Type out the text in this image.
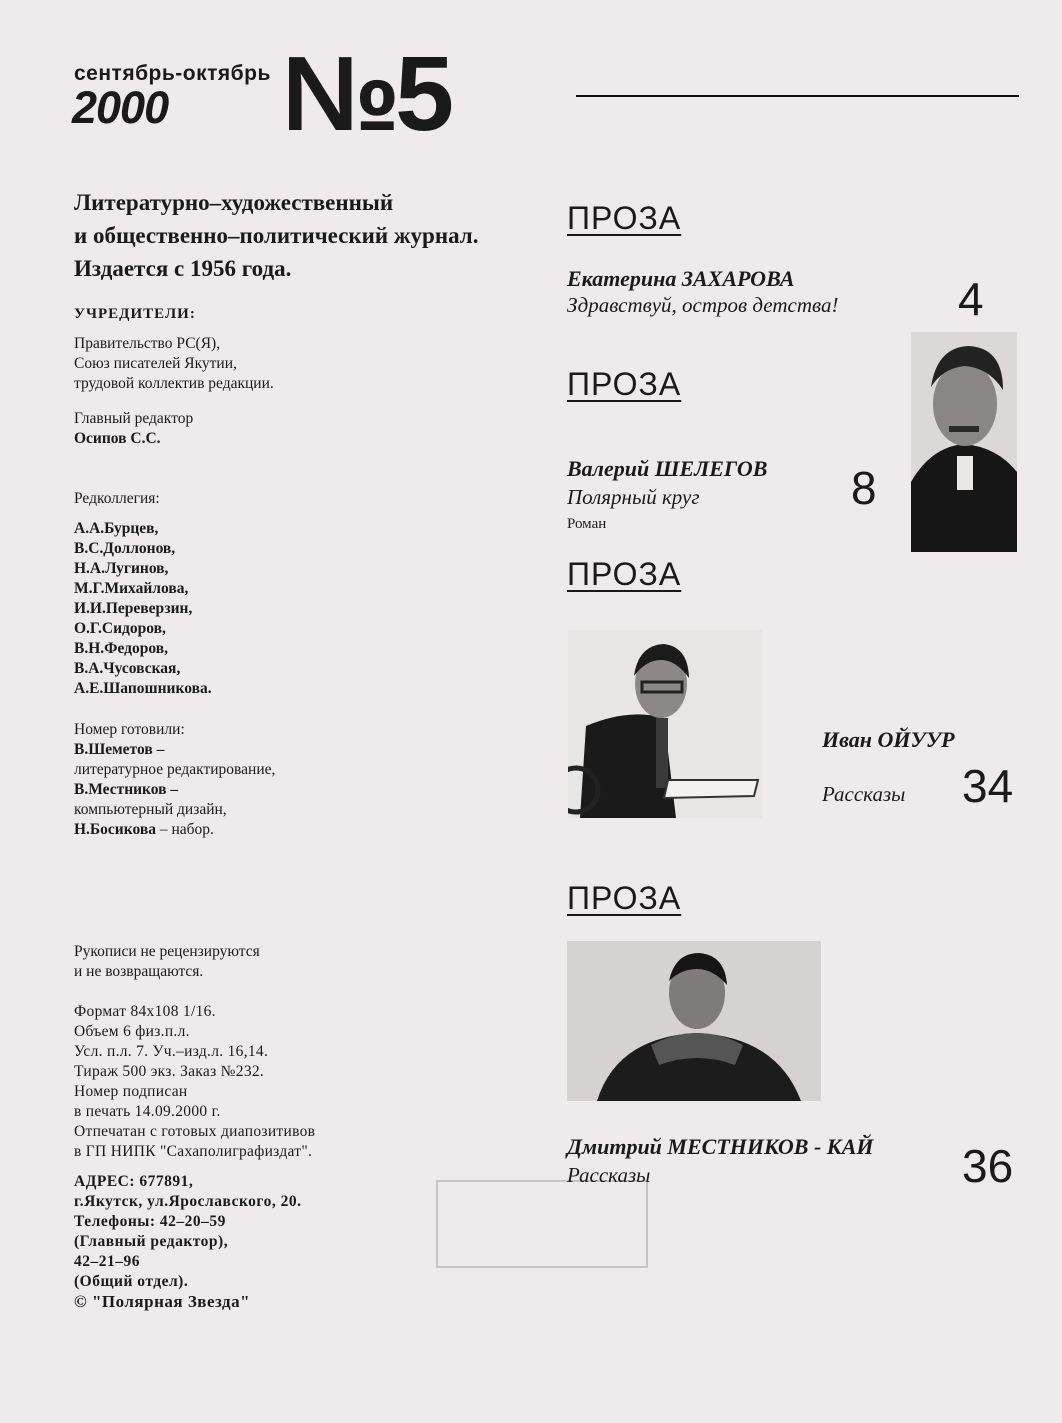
сентябрь-октябрь
2000 №5
Литературно–художественный
и общественно–политический журнал.
Издается с 1956 года.
УЧРЕДИТЕЛИ:
Правительство РС(Я),
Союз писателей Якутии,
трудовой коллектив редакции.
Главный редактор
Осипов С.С.
Редколлегия:
А.А.Бурцев,
В.С.Доллонов,
Н.А.Лугинов,
М.Г.Михайлова,
И.И.Переверзин,
О.Г.Сидоров,
В.Н.Федоров,
В.А.Чусовская,
А.Е.Шапошникова.
Номер готовили:
В.Шеметов –
литературное редактирование,
В.Местников –
компьютерный дизайн,
Н.Босикова – набор.
Рукописи не рецензируются
и не возвращаются.
Формат 84х108 1/16.
Объем 6 физ.п.л.
Усл. п.л. 7. Уч.–изд.л. 16,14.
Тираж 500 экз. Заказ №232.
Номер подписан
в печать 14.09.2000 г.
Отпечатан с готовых диапозитивов
в ГП НИПК "Сахаполиграфиздат".
АДРЕС: 677891,
г.Якутск, ул.Ярославского, 20.
Телефоны: 42–20–59
(Главный редактор),
42–21–96
(Общий отдел).
© "Полярная Звезда"
ПРОЗА
Екатерина ЗАХАРОВА
Здравствуй, остров детства!	4
ПРОЗА
Валерий ШЕЛЕГОВ
Полярный круг
Роман
8
ПРОЗА
Иван ОЙУУР
Рассказы 34
ПРОЗА
Дмитрий МЕСТНИКОВ - КАЙ
Рассказы	36
